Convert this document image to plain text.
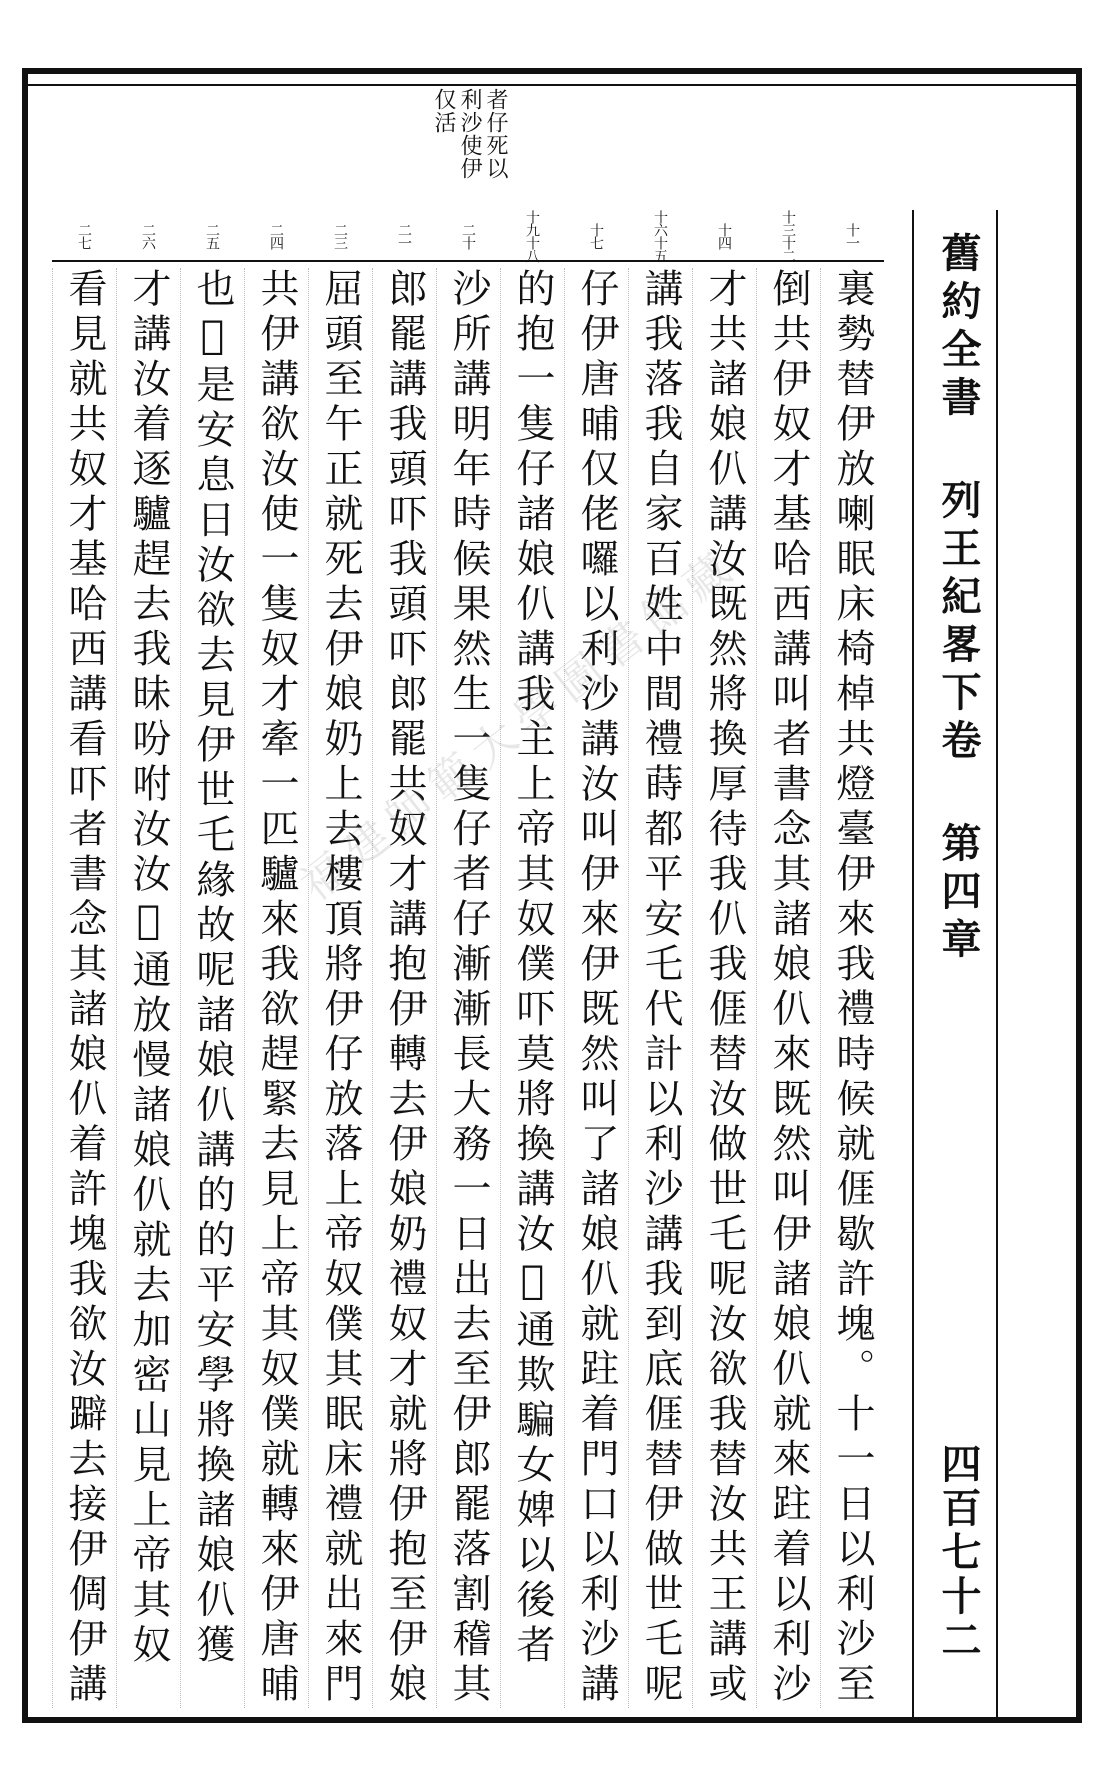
者仔死以利沙使伊仅活
舊約全書 列王紀畧下卷 第四章
四百七十二
十一
十三十二
十四
十六十五
十七
十九十八
二十
二一
二三
二四
二五
二六
二七
裏勢替伊放喇眠床椅棹共燈臺伊來我禮時候就𠊎歇許塊。十一日以利沙至
倒共伊奴才基哈西講叫者書念其諸娘仈來既然叫伊諸娘仈就來跓着以利沙
才共諸娘仈講汝既然將換厚待我仈我𠊎替汝做世乇呢汝欲我替汝共王講或
講我落我自家百姓中間禮蒔都平安乇代計以利沙講我到底𠊎替伊做世乇呢
仔伊唐晡仅佬囉以利沙講汝叫伊來伊既然叫了諸娘仈就跓着門口以利沙講
的抱一隻仔諸娘仈講我主上帝其奴僕吓莫將換講汝𠆧通欺騙女婢以後者
沙所講明年時候果然生一隻仔者仔漸漸長大務一日出去至伊郎罷落割稽其
郎罷講我頭吓我頭吓郎罷共奴才講抱伊轉去伊娘奶禮奴才就將伊抱至伊娘
屈頭至午正就死去伊娘奶上去樓頂將伊仔放落上帝奴僕其眠床禮就出來門
共伊講欲汝使一隻奴才牽一匹驢來我欲趕緊去見上帝其奴僕就轉來伊唐晡
也𠆧是安息日汝欲去見伊世乇緣故呢諸娘仈講的的平安學將換諸娘仈獲
才講汝着逐驢趕去我昧吩咐汝汝𠆧通放慢諸娘仈就去加密山見上帝其奴
看見就共奴才基哈西講看吓者書念其諸娘仈着許塊我欲汝躃去接伊倜伊講
福建師範大學圖書館藏
